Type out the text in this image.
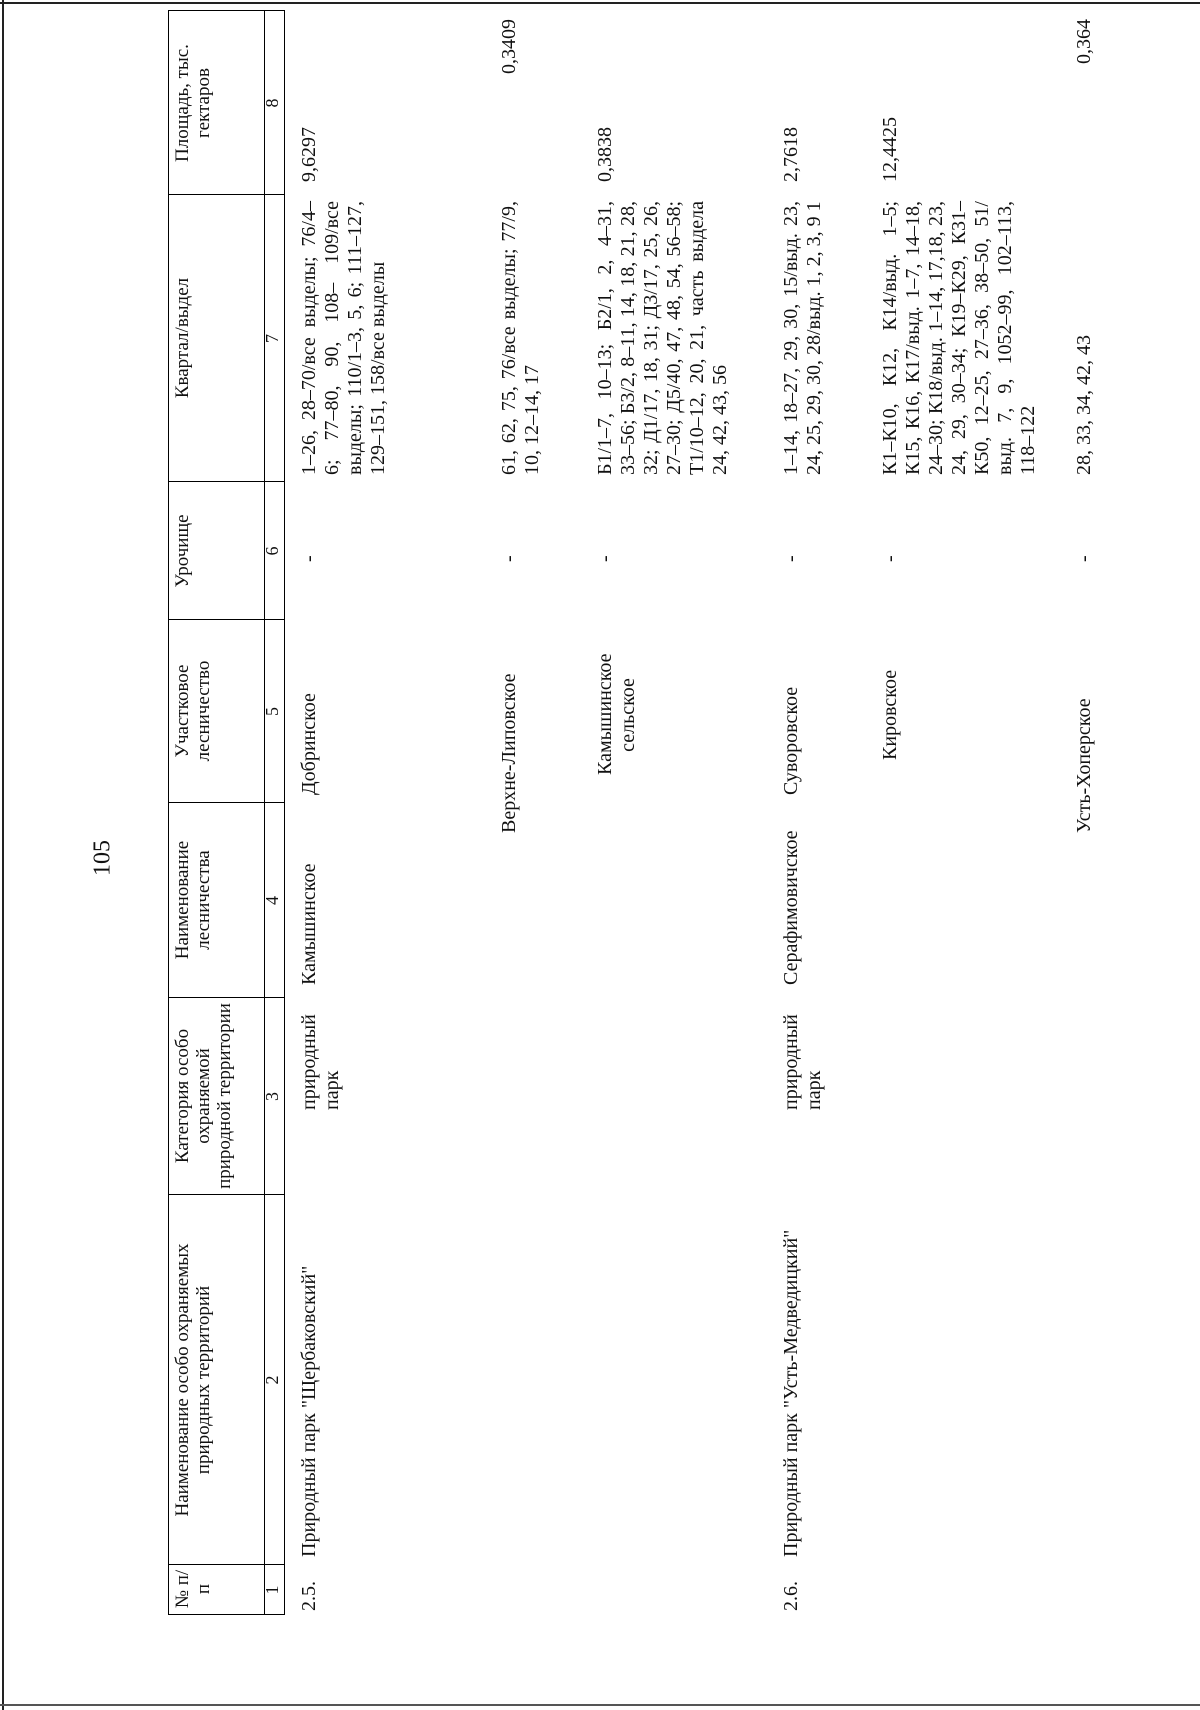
105
№ п/п
Наименование особо охраняемых природных территорий
Категория особо охраняемой природной территории
Наименование лесничества
Участковое лесничество
Урочище
Квартал/выдел
Площадь, тыс. гектаров
1
2
3
4
5
6
7
8
2.5.
Природный парк "Щербаковский"
природный парк
Камышинское
Добринское
-
1–26, 28–70/все выделы; 76/4–6; 77–80, 90, 108– 109/все выделы; 110/1–3, 5, 6; 111–127, 129–151, 158/все выделы
9,6297
Верхне-Липовское
-
61, 62, 75, 76/все выделы; 77/9, 10, 12–14, 17
0,3409
Камышинское сельское
-
Б1/1–7, 10–13; Б2/1, 2, 4–31, 33–56; Б3/2, 8–11, 14, 18, 21, 28, 32; Д1/17, 18, 31; Д3/17, 25, 26, 27–30; Д5/40, 47, 48, 54, 56–58; Т1/10–12, 20, 21, часть выдела 24, 42, 43, 56
0,3838
2.6.
Природный парк "Усть-Медведицкий"
природный парк
Серафимовичское
Суворовское
-
1–14, 18–27, 29, 30, 15/выд. 23, 24, 25, 29, 30, 28/выд. 1, 2, 3, 9 1
2,7618
Кировское
-
К1–К10, К12, К14/выд. 1–5; К15, К16, К17/выд. 1–7, 14–18, 24–30; К18/выд. 1–14, 17,18, 23, 24, 29, 30–34; К19–К29, К31–К50, 12–25, 27–36, 38–50, 51/выд. 7, 9, 1052–99, 102–113, 118–122
12,4425
Усть-Хоперское
-
28, 33, 34, 42, 43
0,364
